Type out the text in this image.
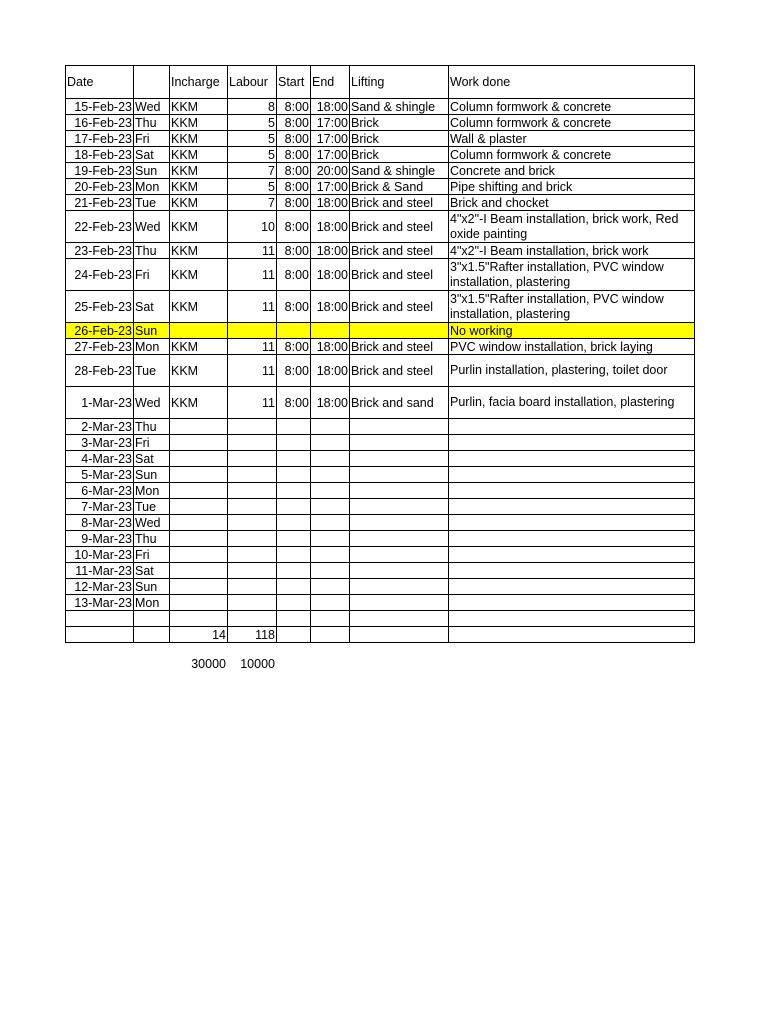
Date		Incharge	Labour	Start	End	Lifting	Work done
15-Feb-23	Wed	KKM	8	8:00	18:00	Sand & shingle	Column formwork & concrete
16-Feb-23	Thu	KKM	5	8:00	17:00	Brick	Column formwork & concrete
17-Feb-23	Fri	KKM	5	8:00	17:00	Brick	Wall & plaster
18-Feb-23	Sat	KKM	5	8:00	17:00	Brick	Column formwork & concrete
19-Feb-23	Sun	KKM	7	8:00	20:00	Sand & shingle	Concrete and brick
20-Feb-23	Mon	KKM	5	8:00	17:00	Brick & Sand	Pipe shifting and brick
21-Feb-23	Tue	KKM	7	8:00	18:00	Brick and steel	Brick and chocket
22-Feb-23	Wed	KKM	10	8:00	18:00	Brick and steel	4"x2"-I Beam installation, brick work, Red oxide painting
23-Feb-23	Thu	KKM	11	8:00	18:00	Brick and steel	4"x2"-I Beam installation, brick work
24-Feb-23	Fri	KKM	11	8:00	18:00	Brick and steel	3"x1.5"Rafter installation, PVC window installation, plastering
25-Feb-23	Sat	KKM	11	8:00	18:00	Brick and steel	3"x1.5"Rafter installation, PVC window installation, plastering
26-Feb-23	Sun						No working
27-Feb-23	Mon	KKM	11	8:00	18:00	Brick and steel	PVC window installation, brick laying
28-Feb-23	Tue	KKM	11	8:00	18:00	Brick and steel	Purlin installation, plastering, toilet door
1-Mar-23	Wed	KKM	11	8:00	18:00	Brick and sand	Purlin, facia board installation, plastering
2-Mar-23	Thu						
3-Mar-23	Fri						
4-Mar-23	Sat						
5-Mar-23	Sun						
6-Mar-23	Mon						
7-Mar-23	Tue						
8-Mar-23	Wed						
9-Mar-23	Thu						
10-Mar-23	Fri						
11-Mar-23	Sat						
12-Mar-23	Sun						
13-Mar-23	Mon						

		14	118				
		30000	10000
